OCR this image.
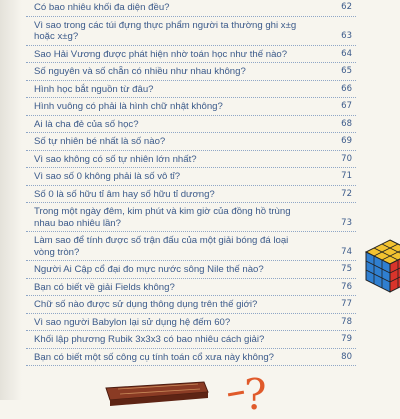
Có bao nhiêu khối đa diện đều?	62
Vì sao trong các túi đựng thực phẩm người ta thường ghi x±g hoặc x±g?	63
Sao Hải Vương được phát hiện nhờ toán học như thế nào?	64
Số nguyên và số chẵn có nhiều như nhau không?	65
Hình học bắt nguồn từ đâu?	66
Hình vuông có phải là hình chữ nhật không?	67
Ai là cha đẻ của số học?	68
Số tự nhiên bé nhất là số nào?	69
Vì sao không có số tự nhiên lớn nhất?	70
Vì sao số 0 không phải là số vô tỉ?	71
Số 0 là số hữu tỉ âm hay số hữu tỉ dương?	72
Trong một ngày đêm, kim phút và kim giờ của đồng hồ trùng nhau bao nhiêu lần?	73
Làm sao để tính được số trận đấu của một giải bóng đá loại vòng tròn?	74
Người Ai Cập cổ đại đo mực nước sông Nile thế nào?	75
Bạn có biết về giải Fields không?	76
Chữ số nào được sử dụng thông dụng trên thế giới?	77
Vì sao người Babylon lại sử dụng hệ đếm 60?	78
Khối lập phương Rubik 3x3x3 có bao nhiêu cách giải?	79
Bạn có biết một số công cụ tính toán cổ xưa này không?	80
?
